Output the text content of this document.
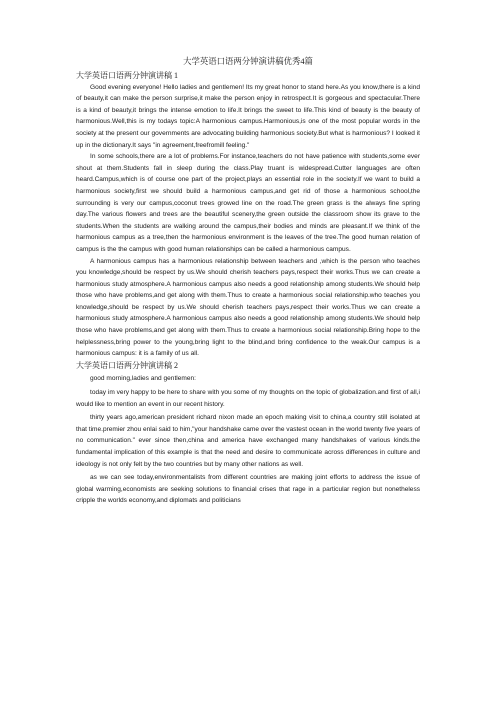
大学英语口语两分钟演讲稿优秀4篇
大学英语口语两分钟演讲稿 1

Good evening everyone! Hello ladies and gentlemen! Its my great honor to stand here.As you know,there is a kind of beauty,it can make the person surprise,it make the person enjoy in retrospect.It is gorgeous and spectacular.There is a kind of beauty,it brings the intense emotion to life.It brings the sweet to life.This kind of beauty is the beauty of harmonious.Well,this is my todays topic:A harmonious campus.Harmonious,is one of the most popular words in the society at the present our governments are advocating building harmonious society.But what is harmonious? I looked it up in the dictionary.It says "in agreement,freefromill feeling."

In some schools,there are a lot of problems.For instance,teachers do not have patience with students,some ever shout at them.Students fall in sleep during the class.Play truant is widespread.Cutter languages are often heard.Campus,which is of course one part of the project,plays an essential role in the society.If we want to build a harmonious society,first we should build a harmonious campus,and get rid of those a harmonious school,the surrounding is very our campus,coconut trees growed line on the road.The green grass is the always fine spring day.The various flowers and trees are the beautiful scenery,the green outside the classroom show its grave to the students.When the students are walking around the campus,their bodies and minds are pleasant.If we think of the harmonious campus as a tree,then the harmonious environment is the leaves of the tree.The good human relation of campus is the the campus with good human relationships can be called a harmonious campus.

A harmonious campus has a harmonious relationship between teachers and ,which is the person who teaches you knowledge,should be respect by us.We should cherish teachers pays,respect their works.Thus we can create a harmonious study atmosphere.A harmonious campus also needs a good relationship among students.We should help those who have problems,and get along with them.Thus to create a harmonious social relationship.who teaches you knowledge,should be respect by us.We should cherish teachers pays,respect their works.Thus we can create a harmonious study atmosphere.A harmonious campus also needs a good relationship among students.We should help those who have problems,and get along with them.Thus to create a harmonious social relationship.Bring hope to the helplessness,bring power to the young,bring light to the blind,and bring confidence to the weak.Our campus is a harmonious campus: it is a family of us all.

大学英语口语两分钟演讲稿 2

good morning,ladies and gentlemen:

today im very happy to be here to share with you some of my thoughts on the topic of globalization.and first of all,i would like to mention an event in our recent history.

thirty years ago,american president richard nixon made an epoch making visit to china,a country still isolated at that time.premier zhou enlai said to him,"your handshake came over the vastest ocean in the world twenty five years of no communication." ever since then,china and america have exchanged many handshakes of various kinds.the fundamental implication of this example is that the need and desire to communicate across differences in culture and ideology is not only felt by the two countries but by many other nations as well.

as we can see today,environmentalists from different countries are making joint efforts to address the issue of global warming,economists are seeking solutions to financial crises that rage in a particular region but nonetheless cripple the worlds economy,and diplomats and politicians
